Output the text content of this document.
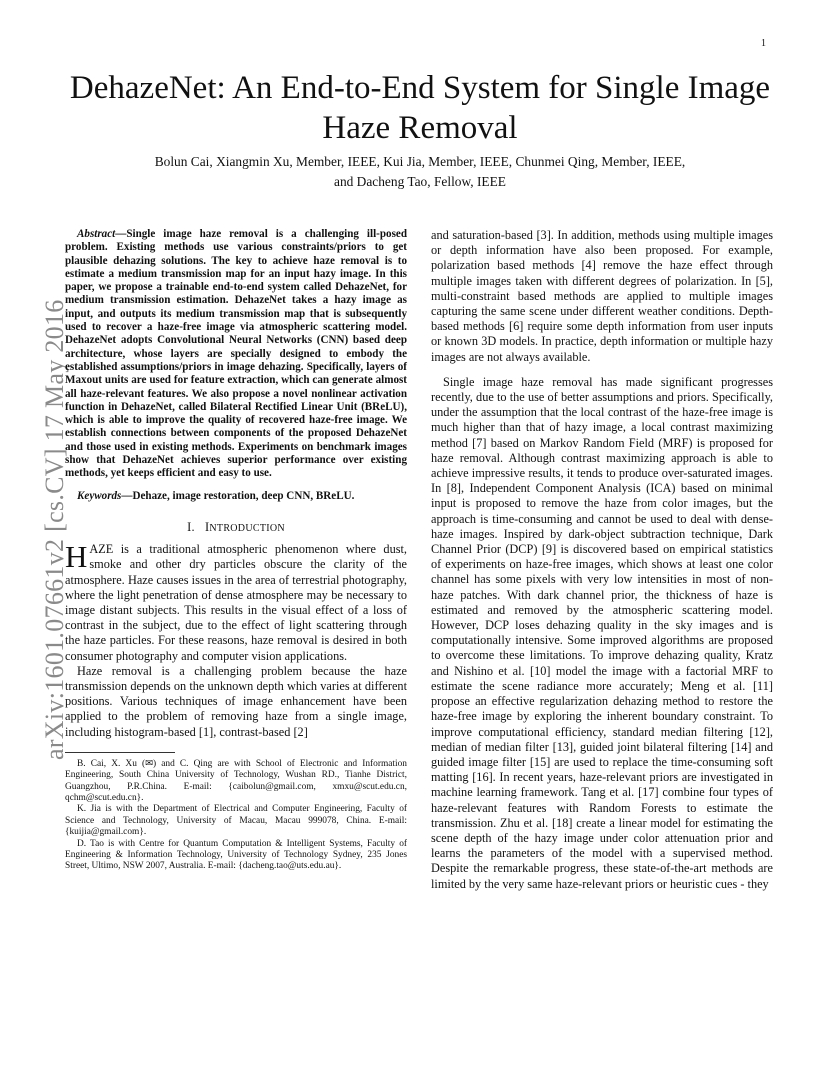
1
arXiv:1601.07661v2 [cs.CV] 17 May 2016
DehazeNet: An End-to-End System for Single Image
Haze Removal
Bolun Cai, Xiangmin Xu, Member, IEEE, Kui Jia, Member, IEEE, Chunmei Qing, Member, IEEE,
and Dacheng Tao, Fellow, IEEE

Abstract—Single image haze removal is a challenging ill-posed problem. Existing methods use various constraints/priors to get plausible dehazing solutions. The key to achieve haze removal is to estimate a medium transmission map for an input hazy image. In this paper, we propose a trainable end-to-end system called DehazeNet, for medium transmission estimation. DehazeNet takes a hazy image as input, and outputs its medium transmission map that is subsequently used to recover a haze-free image via atmospheric scattering model. DehazeNet adopts Convolutional Neural Networks (CNN) based deep architecture, whose layers are specially designed to embody the established assumptions/priors in image dehazing. Specifically, layers of Maxout units are used for feature extraction, which can generate almost all haze-relevant features. We also propose a novel nonlinear activation function in DehazeNet, called Bilateral Rectified Linear Unit (BReLU), which is able to improve the quality of recovered haze-free image. We establish connections between components of the proposed DehazeNet and those used in existing methods. Experiments on benchmark images show that DehazeNet achieves superior performance over existing methods, yet keeps efficient and easy to use.

Keywords—Dehaze, image restoration, deep CNN, BReLU.

I. INTRODUCTION

HAZE is a traditional atmospheric phenomenon where dust, smoke and other dry particles obscure the clarity of the atmosphere. Haze causes issues in the area of terrestrial photography, where the light penetration of dense atmosphere may be necessary to image distant subjects. This results in the visual effect of a loss of contrast in the subject, due to the effect of light scattering through the haze particles. For these reasons, haze removal is desired in both consumer photography and computer vision applications.

Haze removal is a challenging problem because the haze transmission depends on the unknown depth which varies at different positions. Various techniques of image enhancement have been applied to the problem of removing haze from a single image, including histogram-based [1], contrast-based [2]

B. Cai, X. Xu (✉) and C. Qing are with School of Electronic and Information Engineering, South China University of Technology, Wushan RD., Tianhe District, Guangzhou, P.R.China. E-mail: {caibolun@gmail.com, xmxu@scut.edu.cn, qchm@scut.edu.cn}.

K. Jia is with the Department of Electrical and Computer Engineering, Faculty of Science and Technology, University of Macau, Macau 999078, China. E-mail: {kuijia@gmail.com}.

D. Tao is with Centre for Quantum Computation & Intelligent Systems, Faculty of Engineering & Information Technology, University of Technology Sydney, 235 Jones Street, Ultimo, NSW 2007, Australia. E-mail: {dacheng.tao@uts.edu.au}.

and saturation-based [3]. In addition, methods using multiple images or depth information have also been proposed. For example, polarization based methods [4] remove the haze effect through multiple images taken with different degrees of polarization. In [5], multi-constraint based methods are applied to multiple images capturing the same scene under different weather conditions. Depth-based methods [6] require some depth information from user inputs or known 3D models. In practice, depth information or multiple hazy images are not always available.

Single image haze removal has made significant progresses recently, due to the use of better assumptions and priors. Specifically, under the assumption that the local contrast of the haze-free image is much higher than that of hazy image, a local contrast maximizing method [7] based on Markov Random Field (MRF) is proposed for haze removal. Although contrast maximizing approach is able to achieve impressive results, it tends to produce over-saturated images. In [8], Independent Component Analysis (ICA) based on minimal input is proposed to remove the haze from color images, but the approach is time-consuming and cannot be used to deal with dense-haze images. Inspired by dark-object subtraction technique, Dark Channel Prior (DCP) [9] is discovered based on empirical statistics of experiments on haze-free images, which shows at least one color channel has some pixels with very low intensities in most of non-haze patches. With dark channel prior, the thickness of haze is estimated and removed by the atmospheric scattering model. However, DCP loses dehazing quality in the sky images and is computationally intensive. Some improved algorithms are proposed to overcome these limitations. To improve dehazing quality, Kratz and Nishino et al. [10] model the image with a factorial MRF to estimate the scene radiance more accurately; Meng et al. [11] propose an effective regularization dehazing method to restore the haze-free image by exploring the inherent boundary constraint. To improve computational efficiency, standard median filtering [12], median of median filter [13], guided joint bilateral filtering [14] and guided image filter [15] are used to replace the time-consuming soft matting [16]. In recent years, haze-relevant priors are investigated in machine learning framework. Tang et al. [17] combine four types of haze-relevant features with Random Forests to estimate the transmission. Zhu et al. [18] create a linear model for estimating the scene depth of the hazy image under color attenuation prior and learns the parameters of the model with a supervised method. Despite the remarkable progress, these state-of-the-art methods are limited by the very same haze-relevant priors or heuristic cues - they
